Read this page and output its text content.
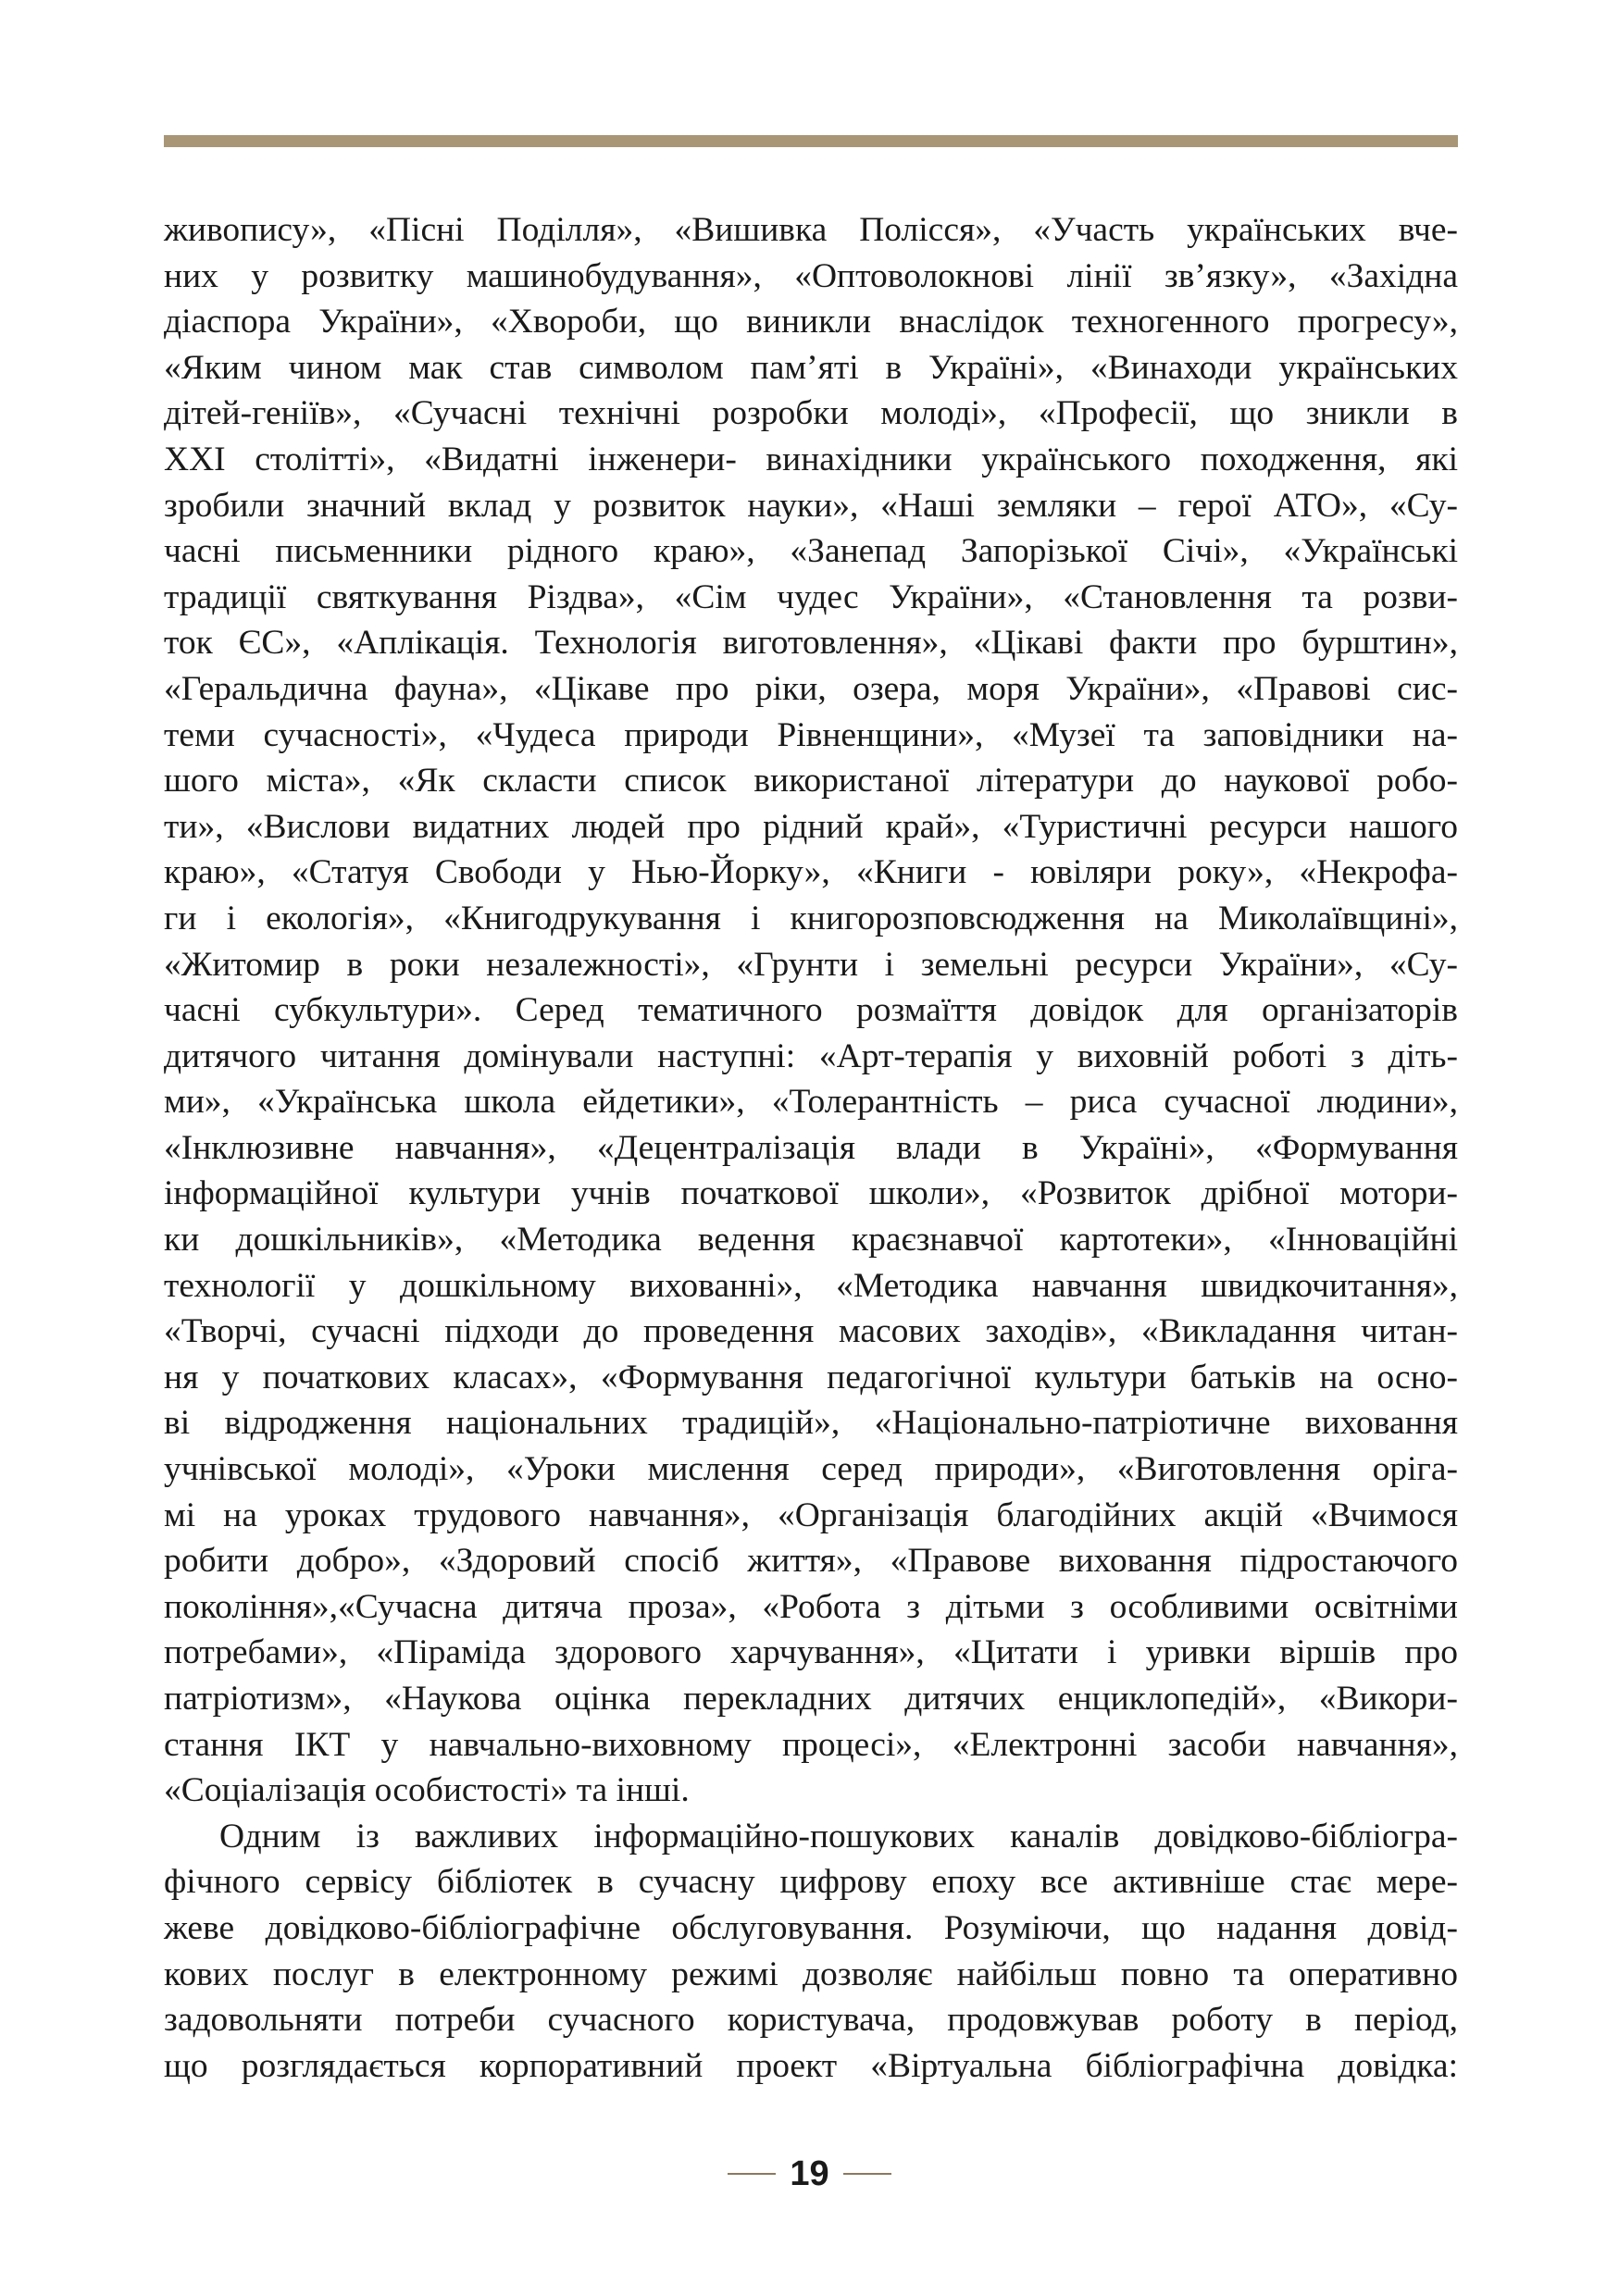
живопису», «Пісні Поділля», «Вишивка Полісся», «Участь українських вче-
них у розвитку машинобудування», «Оптоволокнові лінії зв’язку», «Західна
діаспора України», «Хвороби, що виникли внаслідок техногенного прогресу»,
«Яким чином мак став символом пам’яті в Україні», «Винаходи українських
дітей-геніїв», «Сучасні технічні розробки молоді», «Професії, що зникли в
XXI столітті», «Видатні інженери- винахідники українського походження, які
зробили значний вклад у розвиток науки», «Наші земляки – герої АТО», «Су-
часні письменники рідного краю», «Занепад Запорізької Січі», «Українські
традиції святкування Різдва», «Сім чудес України», «Становлення та розви-
ток ЄС», «Аплікація. Технологія виготовлення», «Цікаві факти про бурштин»,
«Геральдична фауна», «Цікаве про ріки, озера, моря України», «Правові сис-
теми сучасності», «Чудеса природи Рівненщини», «Музеї та заповідники на-
шого міста», «Як скласти список використаної літератури до наукової робо-
ти», «Вислови видатних людей про рідний край», «Туристичні ресурси нашого
краю», «Статуя Свободи у Нью-Йорку», «Книги - ювіляри року», «Некрофа-
ги і екологія», «Книгодрукування і книгорозповсюдження на Миколаївщині»,
«Житомир в роки незалежності», «Грунти і земельні ресурси України», «Су-
часні субкультури». Серед тематичного розмаїття довідок для організаторів
дитячого читання домінували наступні: «Арт-терапія у виховній роботі з діть-
ми», «Українська школа ейдетики», «Толерантність – риса сучасної людини»,
«Інклюзивне навчання», «Децентралізація влади в Україні», «Формування
інформаційної культури учнів початкової школи», «Розвиток дрібної мотори-
ки дошкільників», «Методика ведення краєзнавчої картотеки», «Інноваційні
технології у дошкільному вихованні», «Методика навчання швидкочитання»,
«Творчі, сучасні підходи до проведення масових заходів», «Викладання читан-
ня у початкових класах», «Формування педагогічної культури батьків на осно-
ві відродження національних традицій», «Національно-патріотичне виховання
учнівської молоді», «Уроки мислення серед природи», «Виготовлення оріга-
мі на уроках трудового навчання», «Організація благодійних акцій «Вчимося
робити добро», «Здоровий спосіб життя», «Правове виховання підростаючого
покоління»,«Сучасна дитяча проза», «Робота з дітьми з особливими освітніми
потребами», «Піраміда здорового харчування», «Цитати і уривки віршів про
патріотизм», «Наукова оцінка перекладних дитячих енциклопедій», «Викори-
стання ІКТ у навчально-виховному процесі», «Електронні засоби навчання»,
«Соціалізація особистості» та інші.
Одним із важливих інформаційно-пошукових каналів довідково-бібліогра-
фічного сервісу бібліотек в сучасну цифрову епоху все активніше стає мере-
жеве довідково-бібліографічне обслуговування. Розуміючи, що надання довід-
кових послуг в електронному режимі дозволяє найбільш повно та оперативно
задовольняти потреби сучасного користувача, продовжував роботу в період,
що розглядається корпоративний проект «Віртуальна бібліографічна довідка:
19
